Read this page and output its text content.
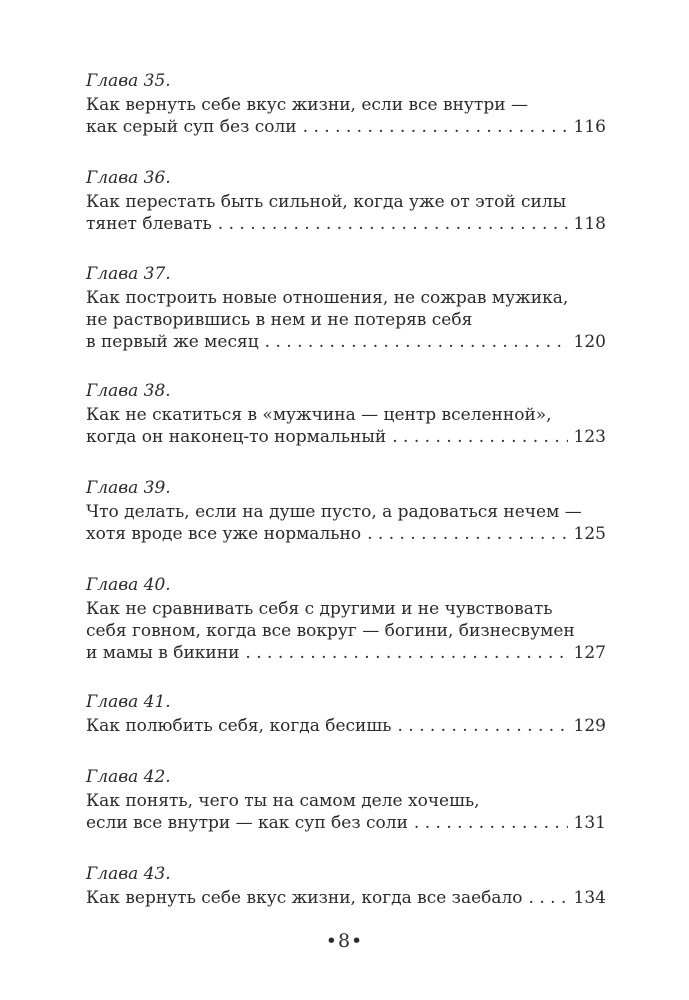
Глава 35.
Как вернуть себе вкус жизни, если все внутри —
как серый суп без соли . . .	116
Глава 36.
Как перестать быть сильной, когда уже от этой силы
тянет блевать . . .	118
Глава 37.
Как построить новые отношения, не сожрав мужика,
не растворившись в нем и не потеряв себя
в первый же месяц . . .	120
Глава 38.
Как не скатиться в «мужчина — центр вселенной»,
когда он наконец-то нормальный . . .	123
Глава 39.
Что делать, если на душе пусто, а радоваться нечем —
хотя вроде все уже нормально . . .	125
Глава 40.
Как не сравнивать себя с другими и не чувствовать
себя говном, когда все вокруг — богини, бизнесвумен
и мамы в бикини . . .	127
Глава 41.
Как полюбить себя, когда бесишь . . .	129
Глава 42.
Как понять, чего ты на самом деле хочешь,
если все внутри — как суп без соли . . .	131
Глава 43.
Как вернуть себе вкус жизни, когда все заебало . . .	134
•8•
